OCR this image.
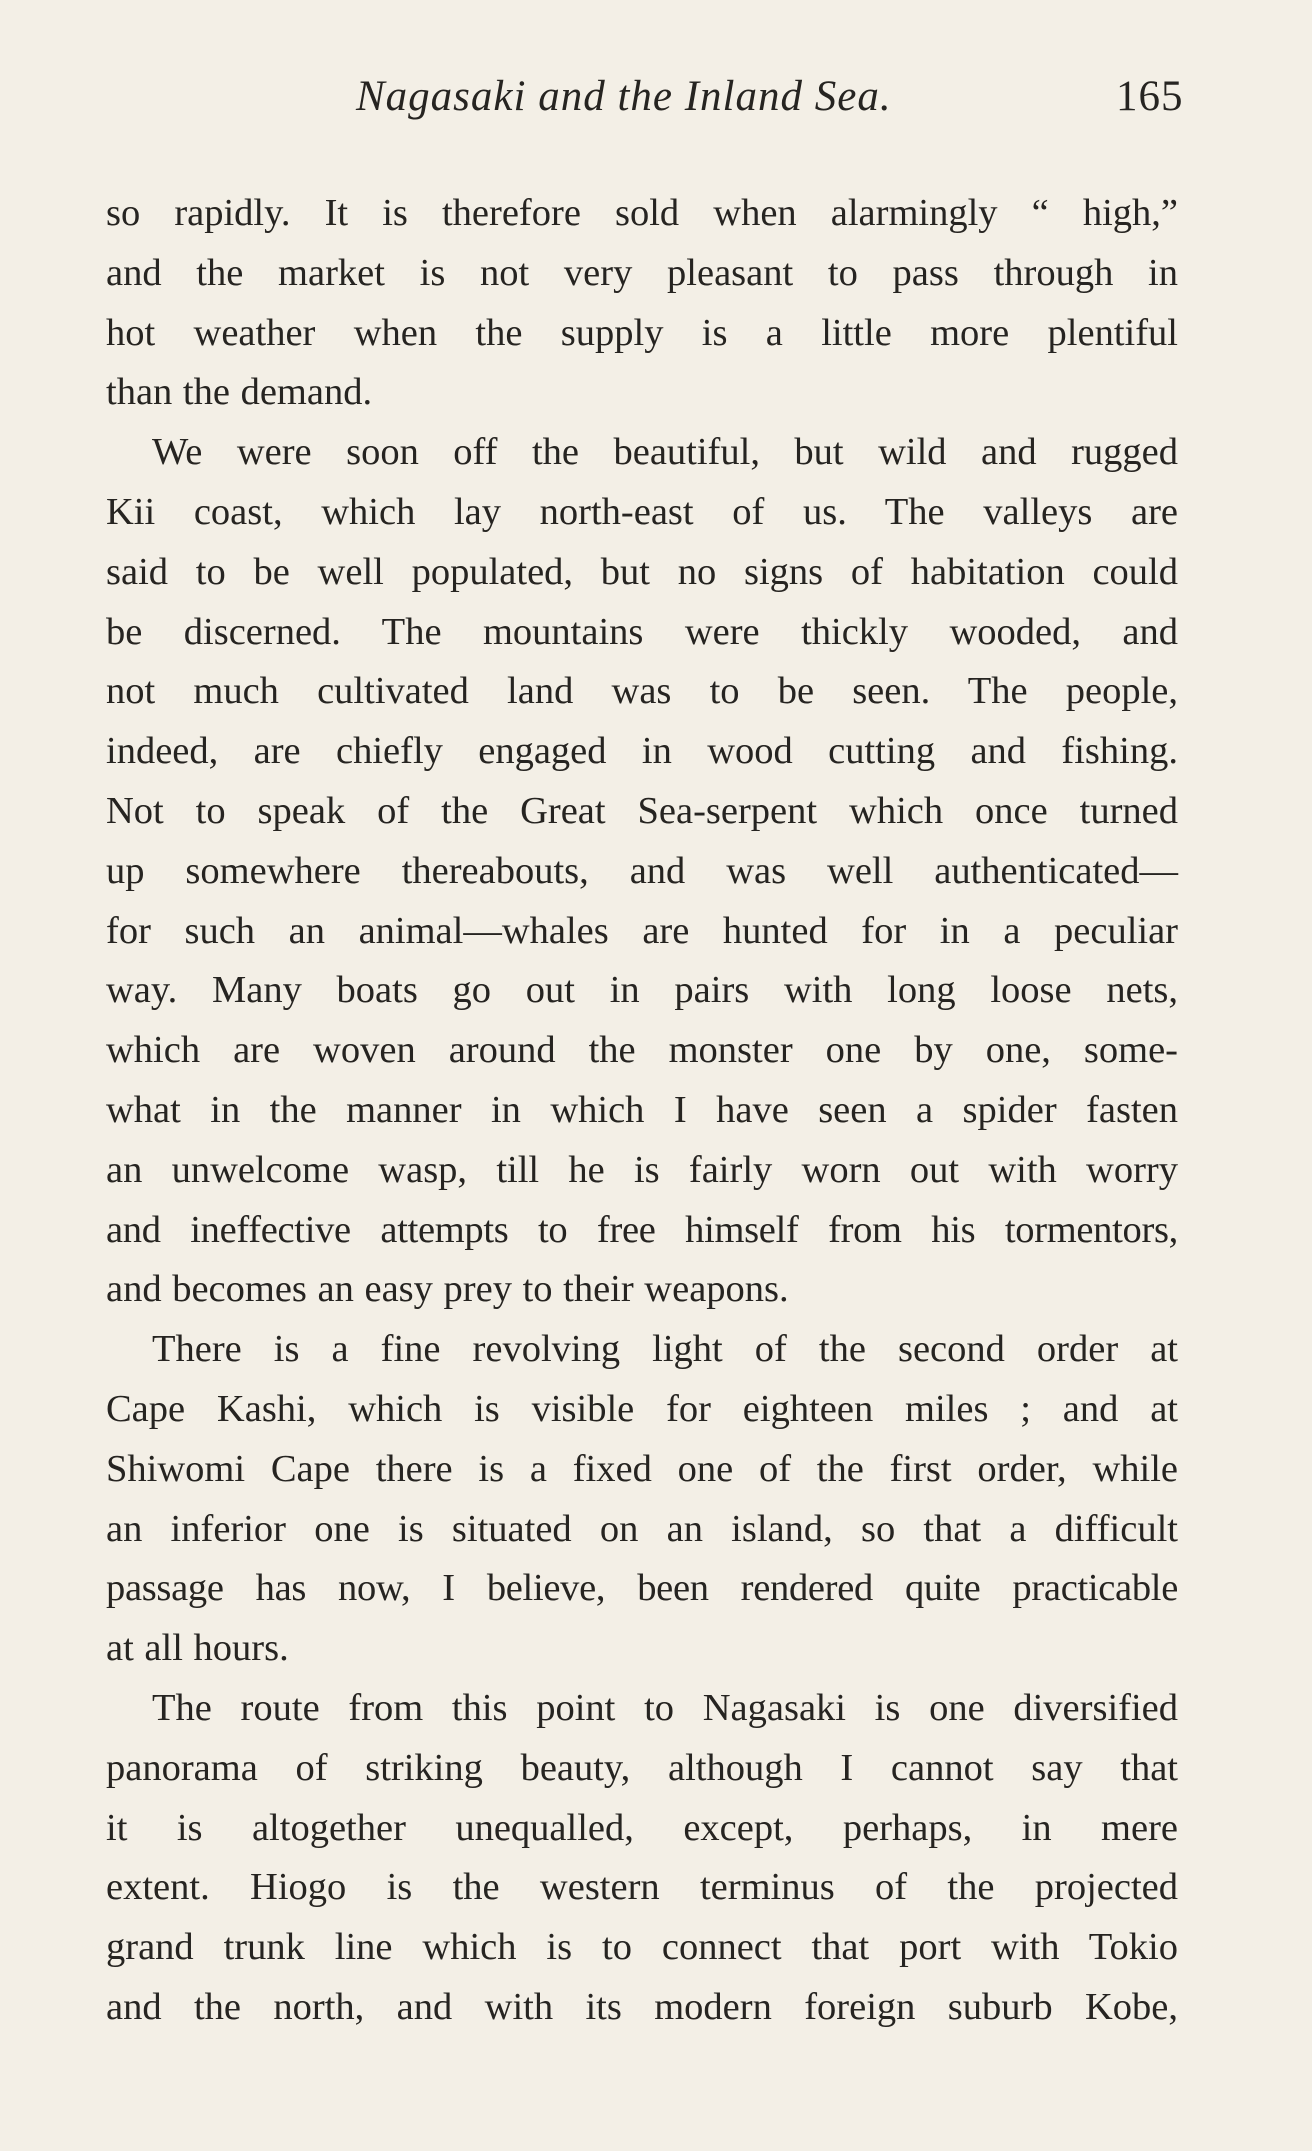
Nagasaki and the Inland Sea.	165
so rapidly. It is therefore sold when alarmingly “ high,”
and the market is not very pleasant to pass through in
hot weather when the supply is a little more plentiful
than the demand.
We were soon off the beautiful, but wild and rugged
Kii coast, which lay north-east of us. The valleys are
said to be well populated, but no signs of habitation could
be discerned. The mountains were thickly wooded, and
not much cultivated land was to be seen. The people,
indeed, are chiefly engaged in wood cutting and fishing.
Not to speak of the Great Sea-serpent which once turned
up somewhere thereabouts, and was well authenticated—
for such an animal—whales are hunted for in a peculiar
way. Many boats go out in pairs with long loose nets,
which are woven around the monster one by one, some-
what in the manner in which I have seen a spider fasten
an unwelcome wasp, till he is fairly worn out with worry
and ineffective attempts to free himself from his tormentors,
and becomes an easy prey to their weapons.
There is a fine revolving light of the second order at
Cape Kashi, which is visible for eighteen miles ; and at
Shiwomi Cape there is a fixed one of the first order, while
an inferior one is situated on an island, so that a difficult
passage has now, I believe, been rendered quite practicable
at all hours.
The route from this point to Nagasaki is one diversified
panorama of striking beauty, although I cannot say that
it is altogether unequalled, except, perhaps, in mere
extent. Hiogo is the western terminus of the projected
grand trunk line which is to connect that port with Tokio
and the north, and with its modern foreign suburb Kobe,
